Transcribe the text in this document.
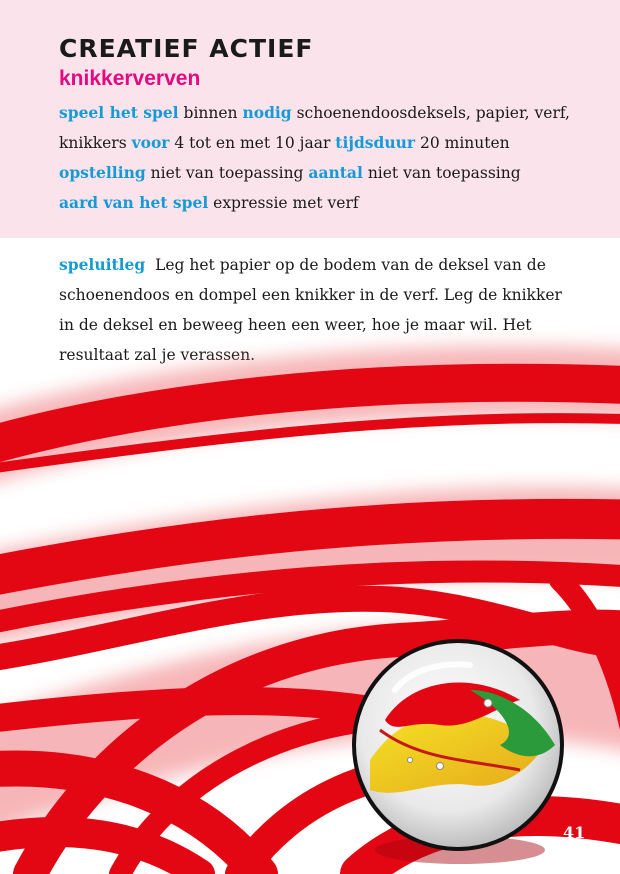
CREATIEF ACTIEF
knikkerverven

speel het spel binnen nodig schoenendoosdeksels, papier, verf,

knikkers voor 4 tot en met 10 jaar tijdsduur 20 minuten

opstelling niet van toepassing aantal niet van toepassing

aard van het spel expressie met verf

speluitleg Leg het papier op de bodem van de deksel van de schoenendoos en dompel een knikker in de verf. Leg de knikker in de deksel en beweeg heen een weer, hoe je maar wil. Het resultaat zal je verassen.

41
